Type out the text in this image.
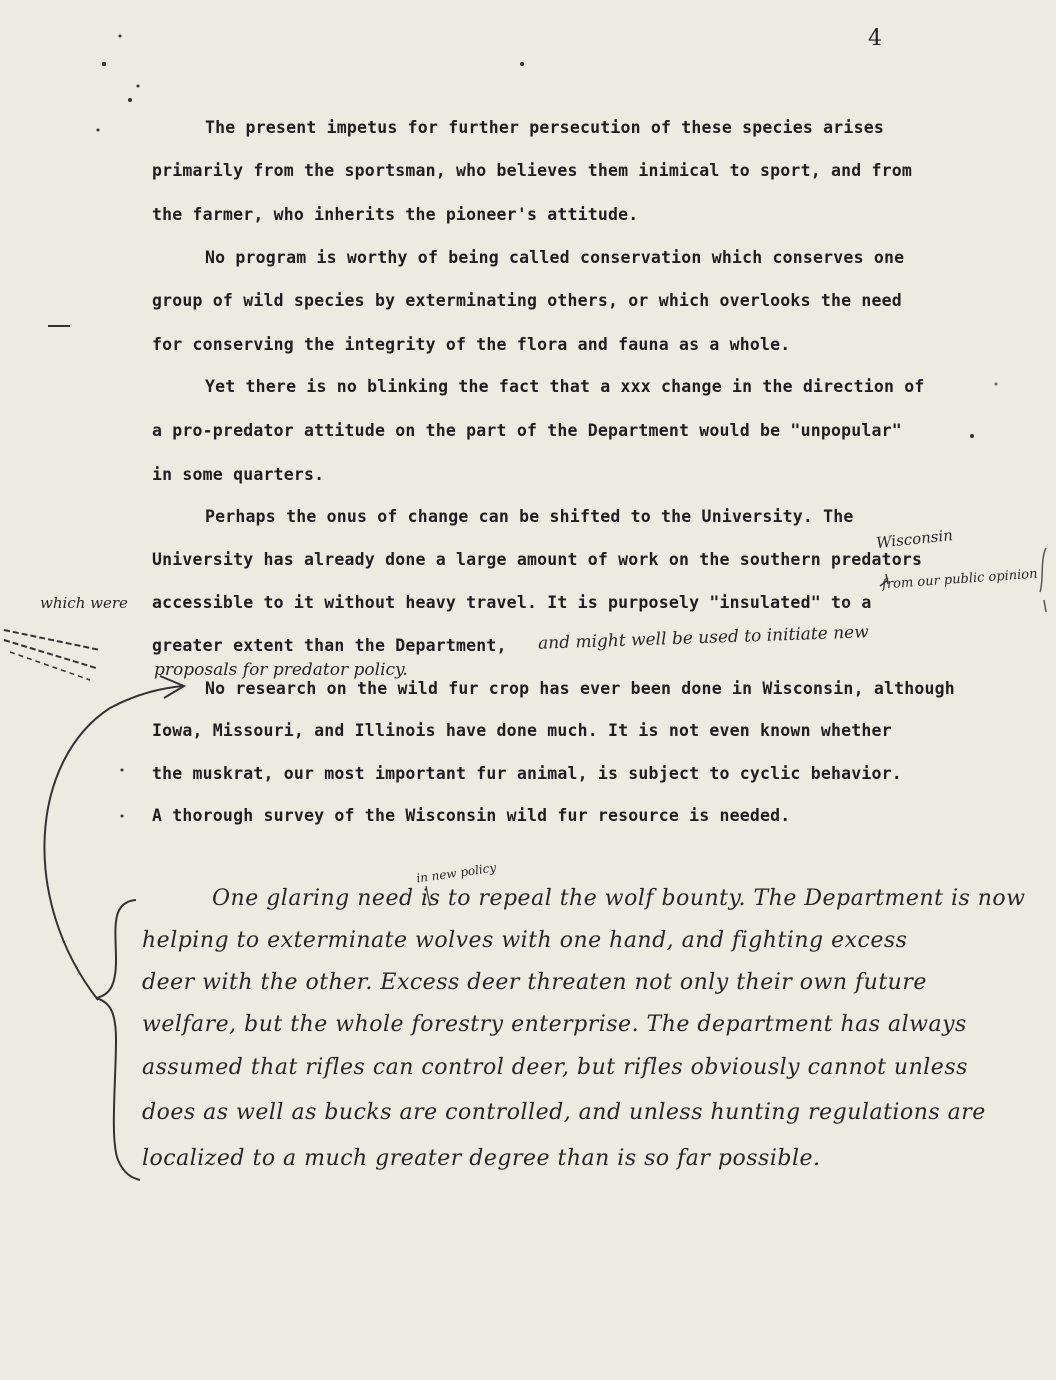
4
The present impetus for further persecution of these species arises
primarily from the sportsman, who believes them inimical to sport, and from
the farmer, who inherits the pioneer's attitude.
No program is worthy of being called conservation which conserves one
group of wild species by exterminating others, or which overlooks the need
for conserving the integrity of the flora and fauna as a whole.
Yet there is no blinking the fact that a xxx change in the direction of
a pro-predator attitude on the part of the Department would be "unpopular"
in some quarters.
Perhaps the onus of change can be shifted to the University. The
University has already done a large amount of work on the southern predators
accessible to it without heavy travel. It is purposely "insulated" to a
greater extent than the Department,
No research on the wild fur crop has ever been done in Wisconsin, although
Iowa, Missouri, and Illinois have done much. It is not even known whether
the muskrat, our most important fur animal, is subject to cyclic behavior.
A thorough survey of the Wisconsin wild fur resource is needed.
Wisconsin
which were
from our public opinion
and might well be used to initiate new
proposals for predator policy.
in new policy
One glaring need is to repeal the wolf bounty. The Department is now
helping to exterminate wolves with one hand, and fighting excess
deer with the other. Excess deer threaten not only their own future
welfare, but the whole forestry enterprise. The department has always
assumed that rifles can control deer, but rifles obviously cannot unless
does as well as bucks are controlled, and unless hunting regulations are
localized to a much greater degree than is so far possible.
